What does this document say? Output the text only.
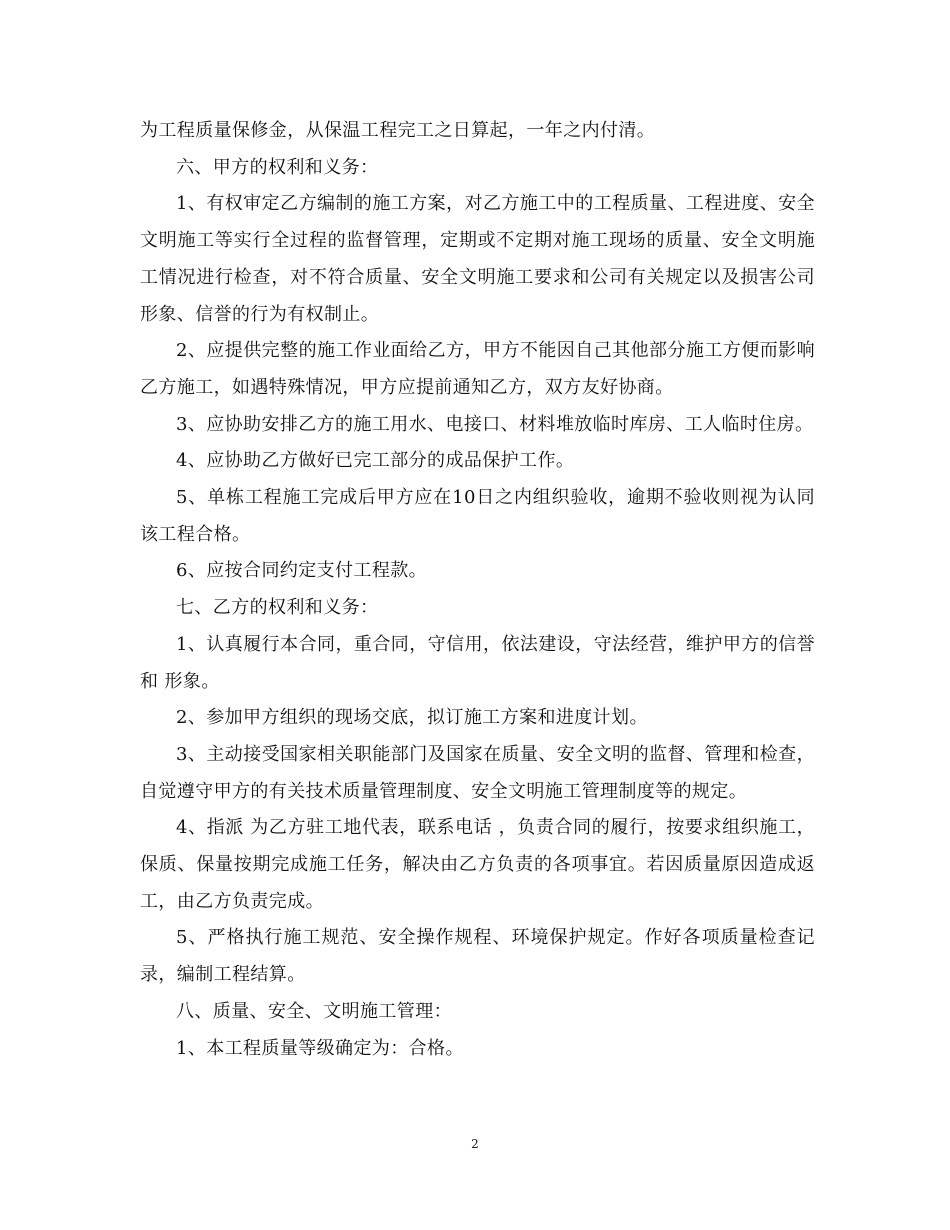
为工程质量保修金，从保温工程完工之日算起，一年之内付清。

六、甲方的权利和义务：

1、有权审定乙方编制的施工方案，对乙方施工中的工程质量、工程进度、安全文明施工等实行全过程的监督管理，定期或不定期对施工现场的质量、安全文明施工情况进行检查，对不符合质量、安全文明施工要求和公司有关规定以及损害公司形象、信誉的行为有权制止。

2、应提供完整的施工作业面给乙方，甲方不能因自己其他部分施工方便而影响乙方施工，如遇特殊情况，甲方应提前通知乙方，双方友好协商。

3、应协助安排乙方的施工用水、电接口、材料堆放临时库房、工人临时住房。

4、应协助乙方做好已完工部分的成品保护工作。

5、单栋工程施工完成后甲方应在10日之内组织验收，逾期不验收则视为认同该工程合格。

6、应按合同约定支付工程款。

七、乙方的权利和义务：

1、认真履行本合同，重合同，守信用，依法建设，守法经营，维护甲方的信誉和 形象。

2、参加甲方组织的现场交底，拟订施工方案和进度计划。

3、主动接受国家相关职能部门及国家在质量、安全文明的监督、管理和检查，自觉遵守甲方的有关技术质量管理制度、安全文明施工管理制度等的规定。

4、指派 为乙方驻工地代表，联系电话 ，负责合同的履行，按要求组织施工，保质、保量按期完成施工任务，解决由乙方负责的各项事宜。若因质量原因造成返工，由乙方负责完成。

5、严格执行施工规范、安全操作规程、环境保护规定。作好各项质量检查记录，编制工程结算。

八、质量、安全、文明施工管理：

1、本工程质量等级确定为：合格。

2
